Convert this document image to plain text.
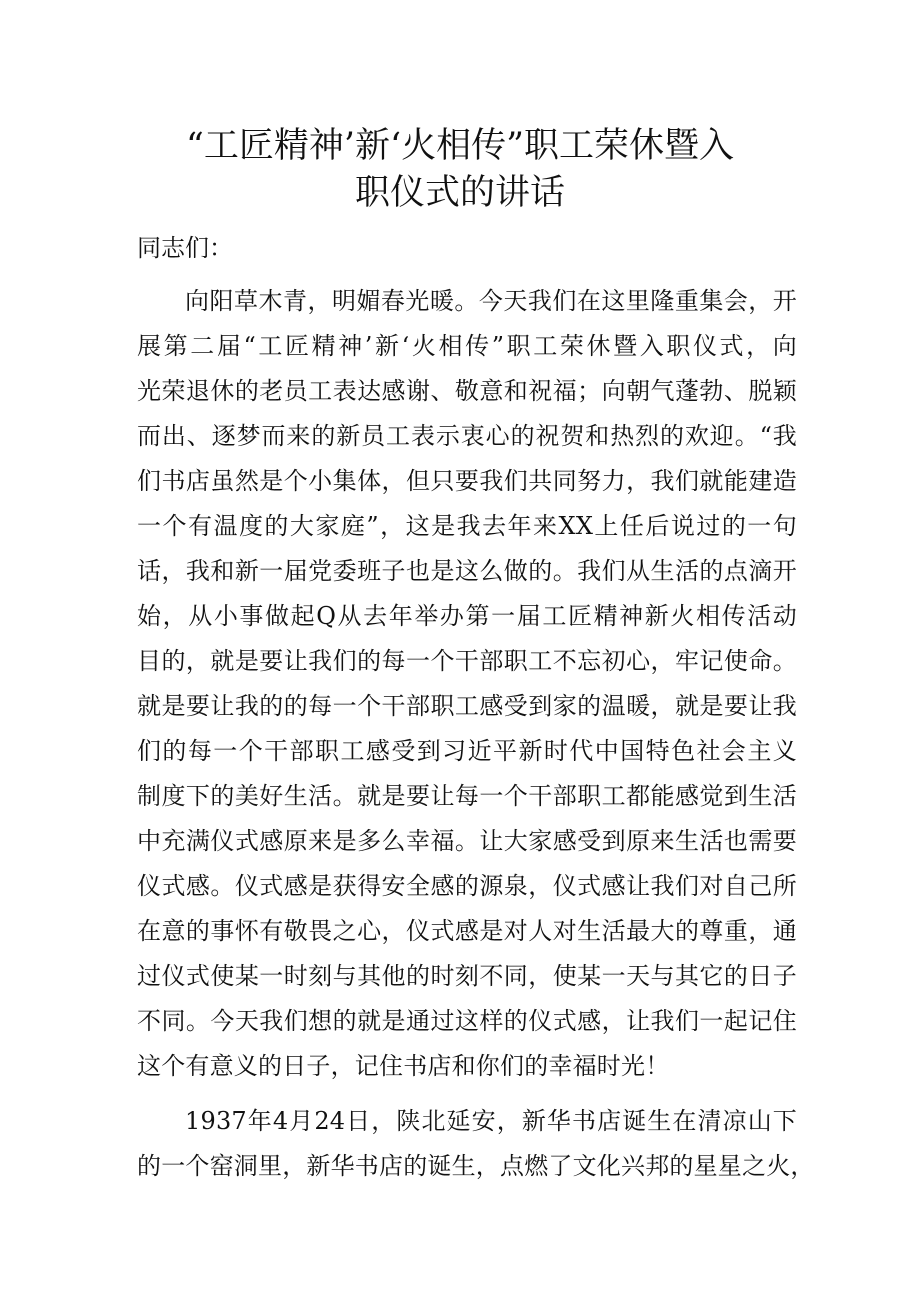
“工匠精神’新‘火相传”职工荣休暨入
职仪式的讲话
同志们：
向阳草木青，明媚春光暖。今天我们在这里隆重集会，开
展第二届“工匠精神’新‘火相传”职工荣休暨入职仪式，向
光荣退休的老员工表达感谢、敬意和祝福；向朝气蓬勃、脱颖
而出、逐梦而来的新员工表示衷心的祝贺和热烈的欢迎。“我
们书店虽然是个小集体，但只要我们共同努力，我们就能建造
一个有温度的大家庭”，这是我去年来XX上任后说过的一句
话，我和新一届党委班子也是这么做的。我们从生活的点滴开
始，从小事做起Q从去年举办第一届工匠精神新火相传活动
目的，就是要让我们的每一个干部职工不忘初心，牢记使命。
就是要让我的的每一个干部职工感受到家的温暖，就是要让我
们的每一个干部职工感受到习近平新时代中国特色社会主义
制度下的美好生活。就是要让每一个干部职工都能感觉到生活
中充满仪式感原来是多么幸福。让大家感受到原来生活也需要
仪式感。仪式感是获得安全感的源泉，仪式感让我们对自己所
在意的事怀有敬畏之心，仪式感是对人对生活最大的尊重，通
过仪式使某一时刻与其他的时刻不同，使某一天与其它的日子
不同。今天我们想的就是通过这样的仪式感，让我们一起记住
这个有意义的日子，记住书店和你们的幸福时光！
1937年4月24日，陕北延安，新华书店诞生在清凉山下
的一个窑洞里，新华书店的诞生，点燃了文化兴邦的星星之火，
